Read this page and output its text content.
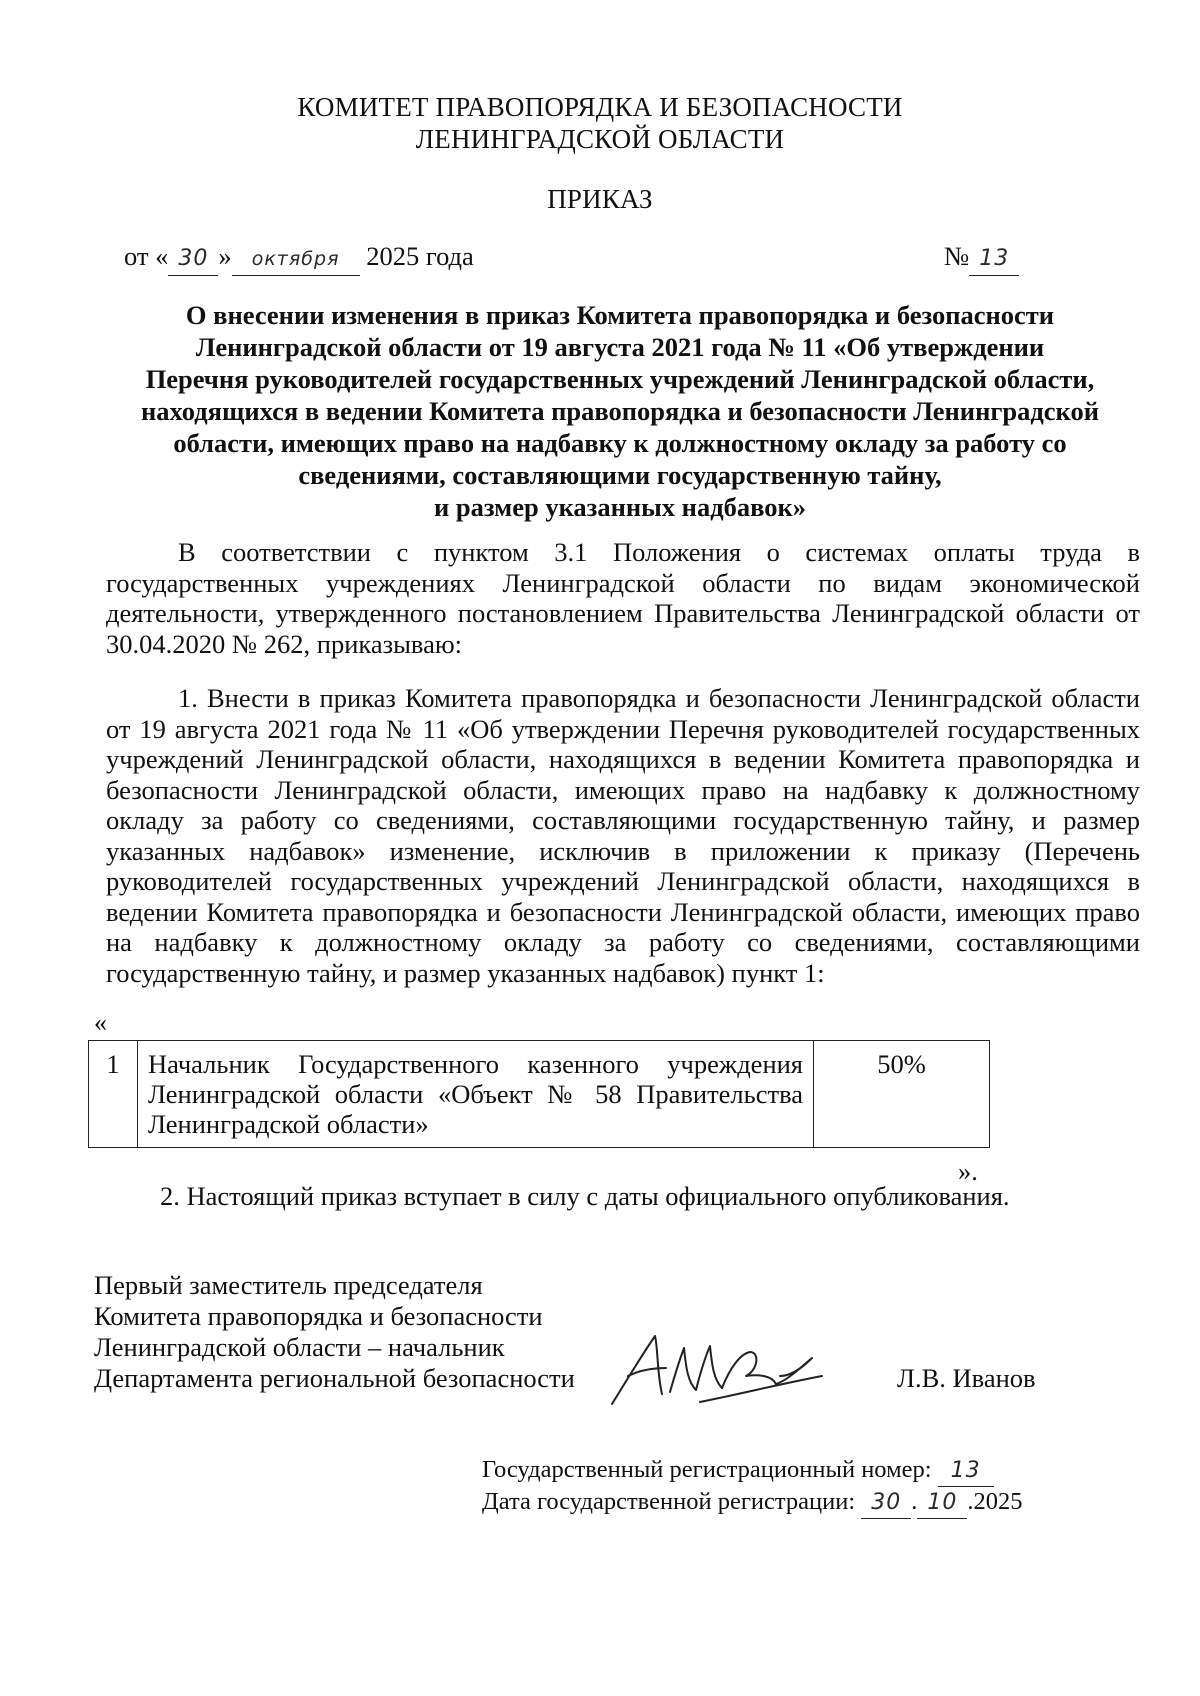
КОМИТЕТ ПРАВОПОРЯДКА И БЕЗОПАСНОСТИ
ЛЕНИНГРАДСКОЙ ОБЛАСТИ
ПРИКАЗ
от « 30 » октября 2025 года	№ 13
О внесении изменения в приказ Комитета правопорядка и безопасности
Ленинградской области от 19 августа 2021 года № 11 «Об утверждении
Перечня руководителей государственных учреждений Ленинградской области,
находящихся в ведении Комитета правопорядка и безопасности Ленинградской
области, имеющих право на надбавку к должностному окладу за работу со
сведениями, составляющими государственную тайну,
и размер указанных надбавок»

В соответствии с пунктом 3.1 Положения о системах оплаты труда в государственных учреждениях Ленинградской области по видам экономической деятельности, утвержденного постановлением Правительства Ленинградской области от 30.04.2020 № 262, приказываю:

1. Внести в приказ Комитета правопорядка и безопасности Ленинградской области от 19 августа 2021 года № 11 «Об утверждении Перечня руководителей государственных учреждений Ленинградской области, находящихся в ведении Комитета правопорядка и безопасности Ленинградской области, имеющих право на надбавку к должностному окладу за работу со сведениями, составляющими государственную тайну, и размер указанных надбавок» изменение, исключив в приложении к приказу (Перечень руководителей государственных учреждений Ленинградской области, находящихся в ведении Комитета правопорядка и безопасности Ленинградской области, имеющих право на надбавку к должностному окладу за работу со сведениями, составляющими государственную тайну, и размер указанных надбавок) пункт 1:

«
1	Начальник Государственного казенного учреждения Ленинградской области «Объект № 58 Правительства Ленинградской области»	50%
».
2. Настоящий приказ вступает в силу с даты официального опубликования.
Первый заместитель председателя
Комитета правопорядка и безопасности
Ленинградской области – начальник
Департамента региональной безопасности	Л.В. Иванов
Государственный регистрационный номер: 13
Дата государственной регистрации: 30 . 10 .2025
